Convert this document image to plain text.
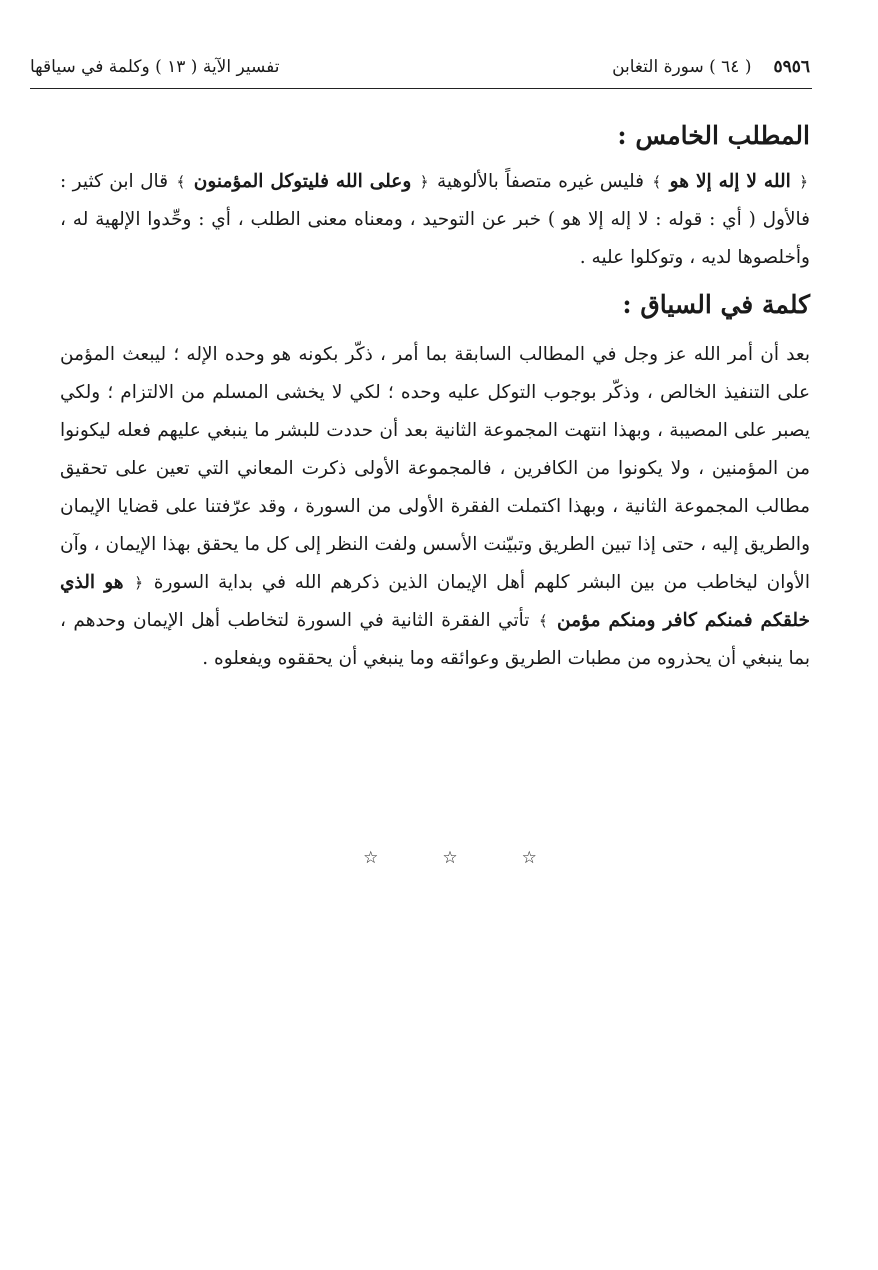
٥٩٥٦
( ٦٤ ) سورة التغابن
تفسير الآية ( ١٣ ) وكلمة في سياقها
المطلب الخامس :

﴿ الله لا إله إلا هو ﴾ فليس غيره متصفاً بالألوهية ﴿ وعلى الله فليتوكل المؤمنون ﴾ قال ابن كثير : فالأول ( أي : قوله : لا إله إلا هو ) خبر عن التوحيد ، ومعناه معنى الطلب ، أي : وحِّدوا الإلهية له ، وأخلصوها لديه ، وتوكلوا عليه .

كلمة في السياق :

بعد أن أمر الله عز وجل في المطالب السابقة بما أمر ، ذكّر بكونه هو وحده الإله ؛ ليبعث المؤمن على التنفيذ الخالص ، وذكّر بوجوب التوكل عليه وحده ؛ لكي لا يخشى المسلم من الالتزام ؛ ولكي يصبر على المصيبة ، وبهذا انتهت المجموعة الثانية بعد أن حددت للبشر ما ينبغي عليهم فعله ليكونوا من المؤمنين ، ولا يكونوا من الكافرين ، فالمجموعة الأولى ذكرت المعاني التي تعين على تحقيق مطالب المجموعة الثانية ، وبهذا اكتملت الفقرة الأولى من السورة ، وقد عرّفتنا على قضايا الإيمان والطريق إليه ، حتى إذا تبين الطريق وتبيّنت الأسس ولفت النظر إلى كل ما يحقق بهذا الإيمان ، وآن الأوان ليخاطب من بين البشر كلهم أهل الإيمان الذين ذكرهم الله في بداية السورة ﴿ هو الذي خلقكم فمنكم كافر ومنكم مؤمن ﴾ تأتي الفقرة الثانية في السورة لتخاطب أهل الإيمان وحدهم ، بما ينبغي أن يحذروه من مطبات الطريق وعوائقه وما ينبغي أن يحققوه ويفعلوه .

☆	☆	☆
